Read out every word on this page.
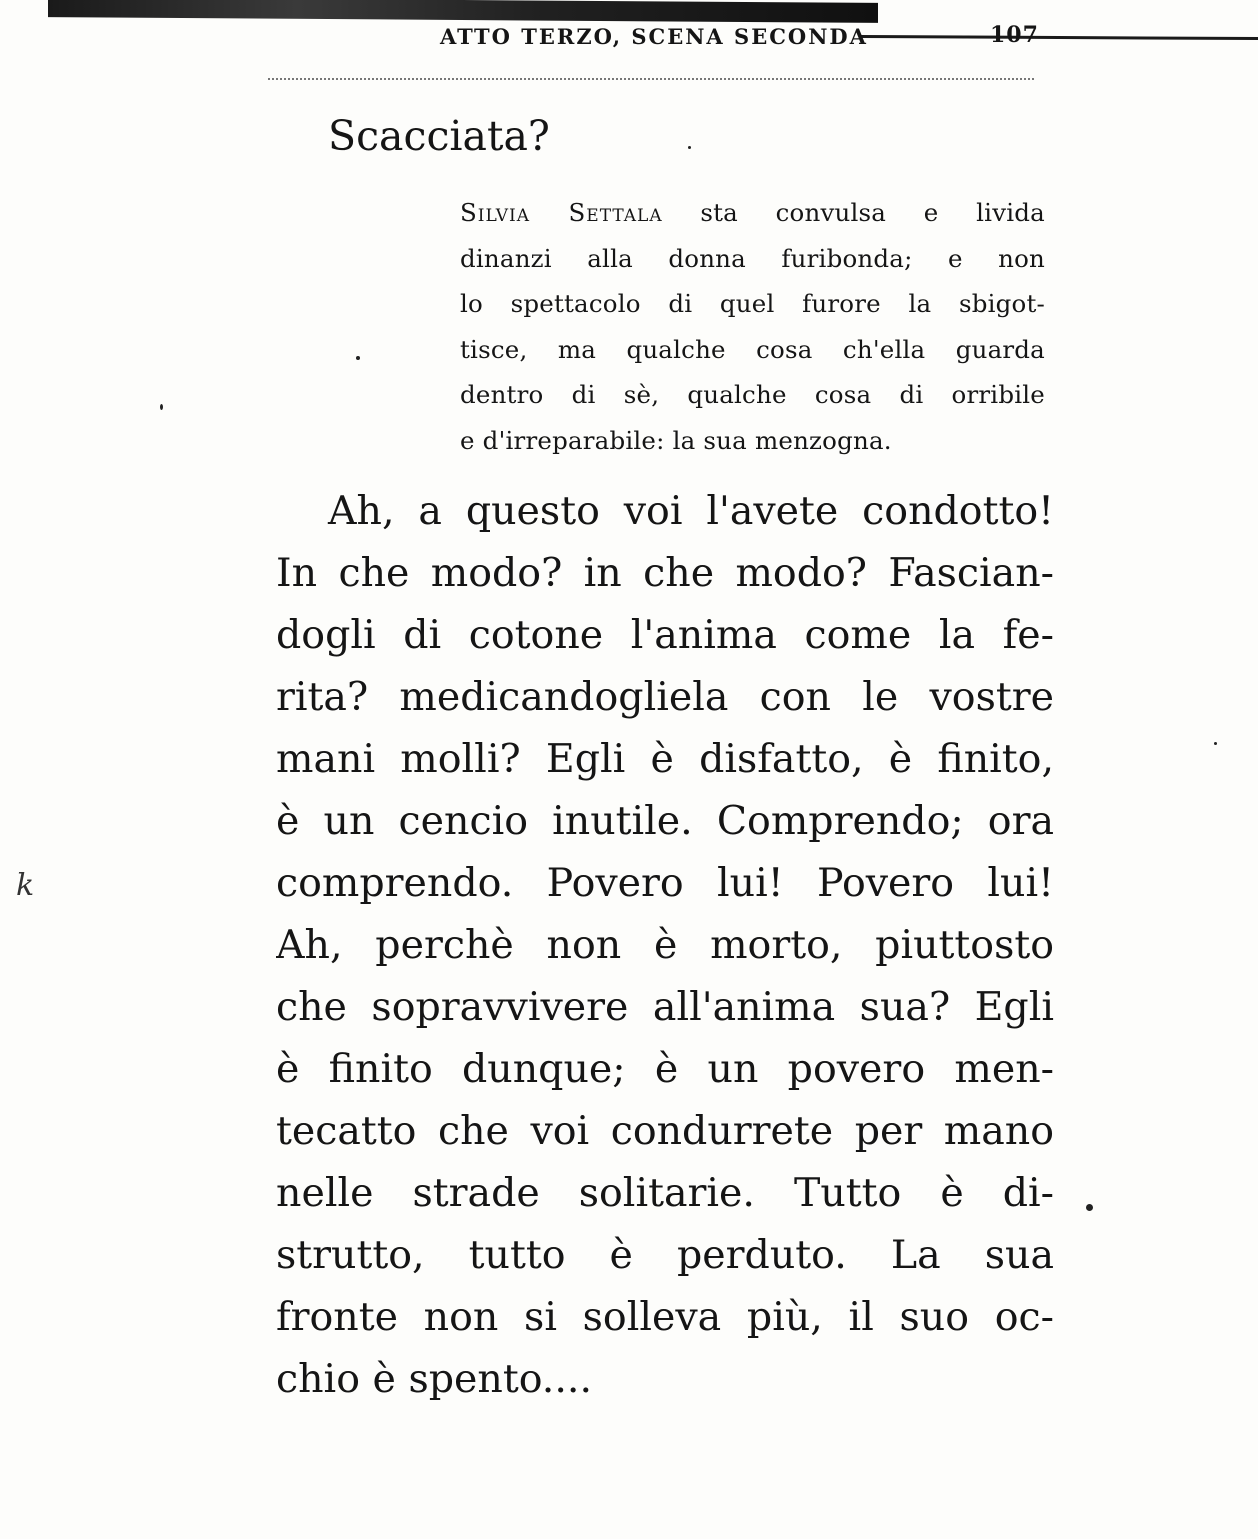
ATTO TERZO, SCENA SECONDA	107
Scacciata?
Silvia Settala sta convulsa e livida
dinanzi alla donna furibonda; e non
lo spettacolo di quel furore la sbigot-
tisce, ma qualche cosa ch'ella guarda
dentro di sè, qualche cosa di orribile
e d'irreparabile: la sua menzogna.
Ah, a questo voi l'avete condotto!
In che modo? in che modo? Fascian-
dogli di cotone l'anima come la fe-
rita? medicandogliela con le vostre
mani molli? Egli è disfatto, è finito,
è un cencio inutile. Comprendo; ora
comprendo. Povero lui! Povero lui!
Ah, perchè non è morto, piuttosto
che sopravvivere all'anima sua? Egli
è finito dunque; è un povero men-
tecatto che voi condurrete per mano
nelle strade solitarie. Tutto è di-
strutto, tutto è perduto. La sua
fronte non si solleva più, il suo oc-
chio è spento....
k
